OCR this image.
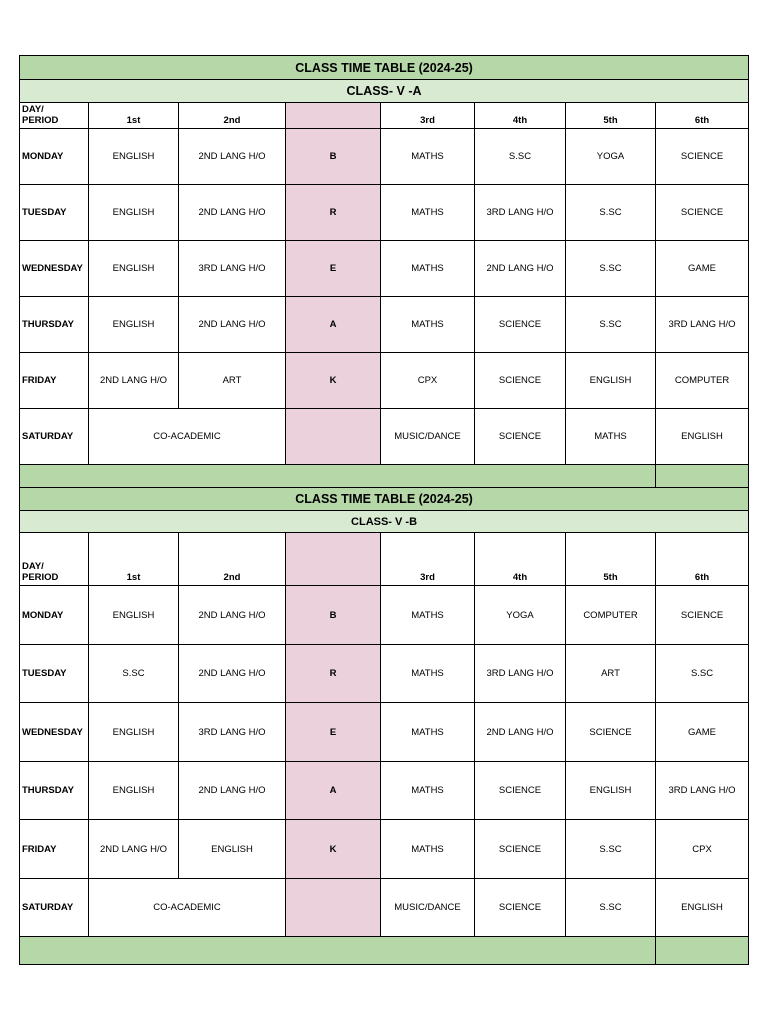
CLASS TIME TABLE (2024-25)							
CLASS- V -A							
DAY/
PERIOD	1st	2nd		3rd	4th	5th	6th
MONDAY	ENGLISH	2ND LANG H/O	B	MATHS	S.SC	YOGA	SCIENCE
TUESDAY	ENGLISH	2ND LANG H/O	R	MATHS	3RD LANG H/O	S.SC	SCIENCE
WEDNESDAY	ENGLISH	3RD LANG H/O	E	MATHS	2ND LANG H/O	S.SC	GAME
THURSDAY	ENGLISH	2ND LANG H/O	A	MATHS	SCIENCE	S.SC	3RD LANG H/O
FRIDAY	2ND LANG H/O	ART	K	CPX	SCIENCE	ENGLISH	COMPUTER
SATURDAY	CO-ACADEMIC			MUSIC/DANCE	SCIENCE	MATHS	ENGLISH

CLASS TIME TABLE (2024-25)							
CLASS- V -B							
DAY/
PERIOD	1st	2nd		3rd	4th	5th	6th
MONDAY	ENGLISH	2ND LANG H/O	B	MATHS	YOGA	COMPUTER	SCIENCE
TUESDAY	S.SC	2ND LANG H/O	R	MATHS	3RD LANG H/O	ART	S.SC
WEDNESDAY	ENGLISH	3RD LANG H/O	E	MATHS	2ND LANG H/O	SCIENCE	GAME
THURSDAY	ENGLISH	2ND LANG H/O	A	MATHS	SCIENCE	ENGLISH	3RD LANG H/O
FRIDAY	2ND LANG H/O	ENGLISH	K	MATHS	SCIENCE	S.SC	CPX
SATURDAY	CO-ACADEMIC			MUSIC/DANCE	SCIENCE	S.SC	ENGLISH
